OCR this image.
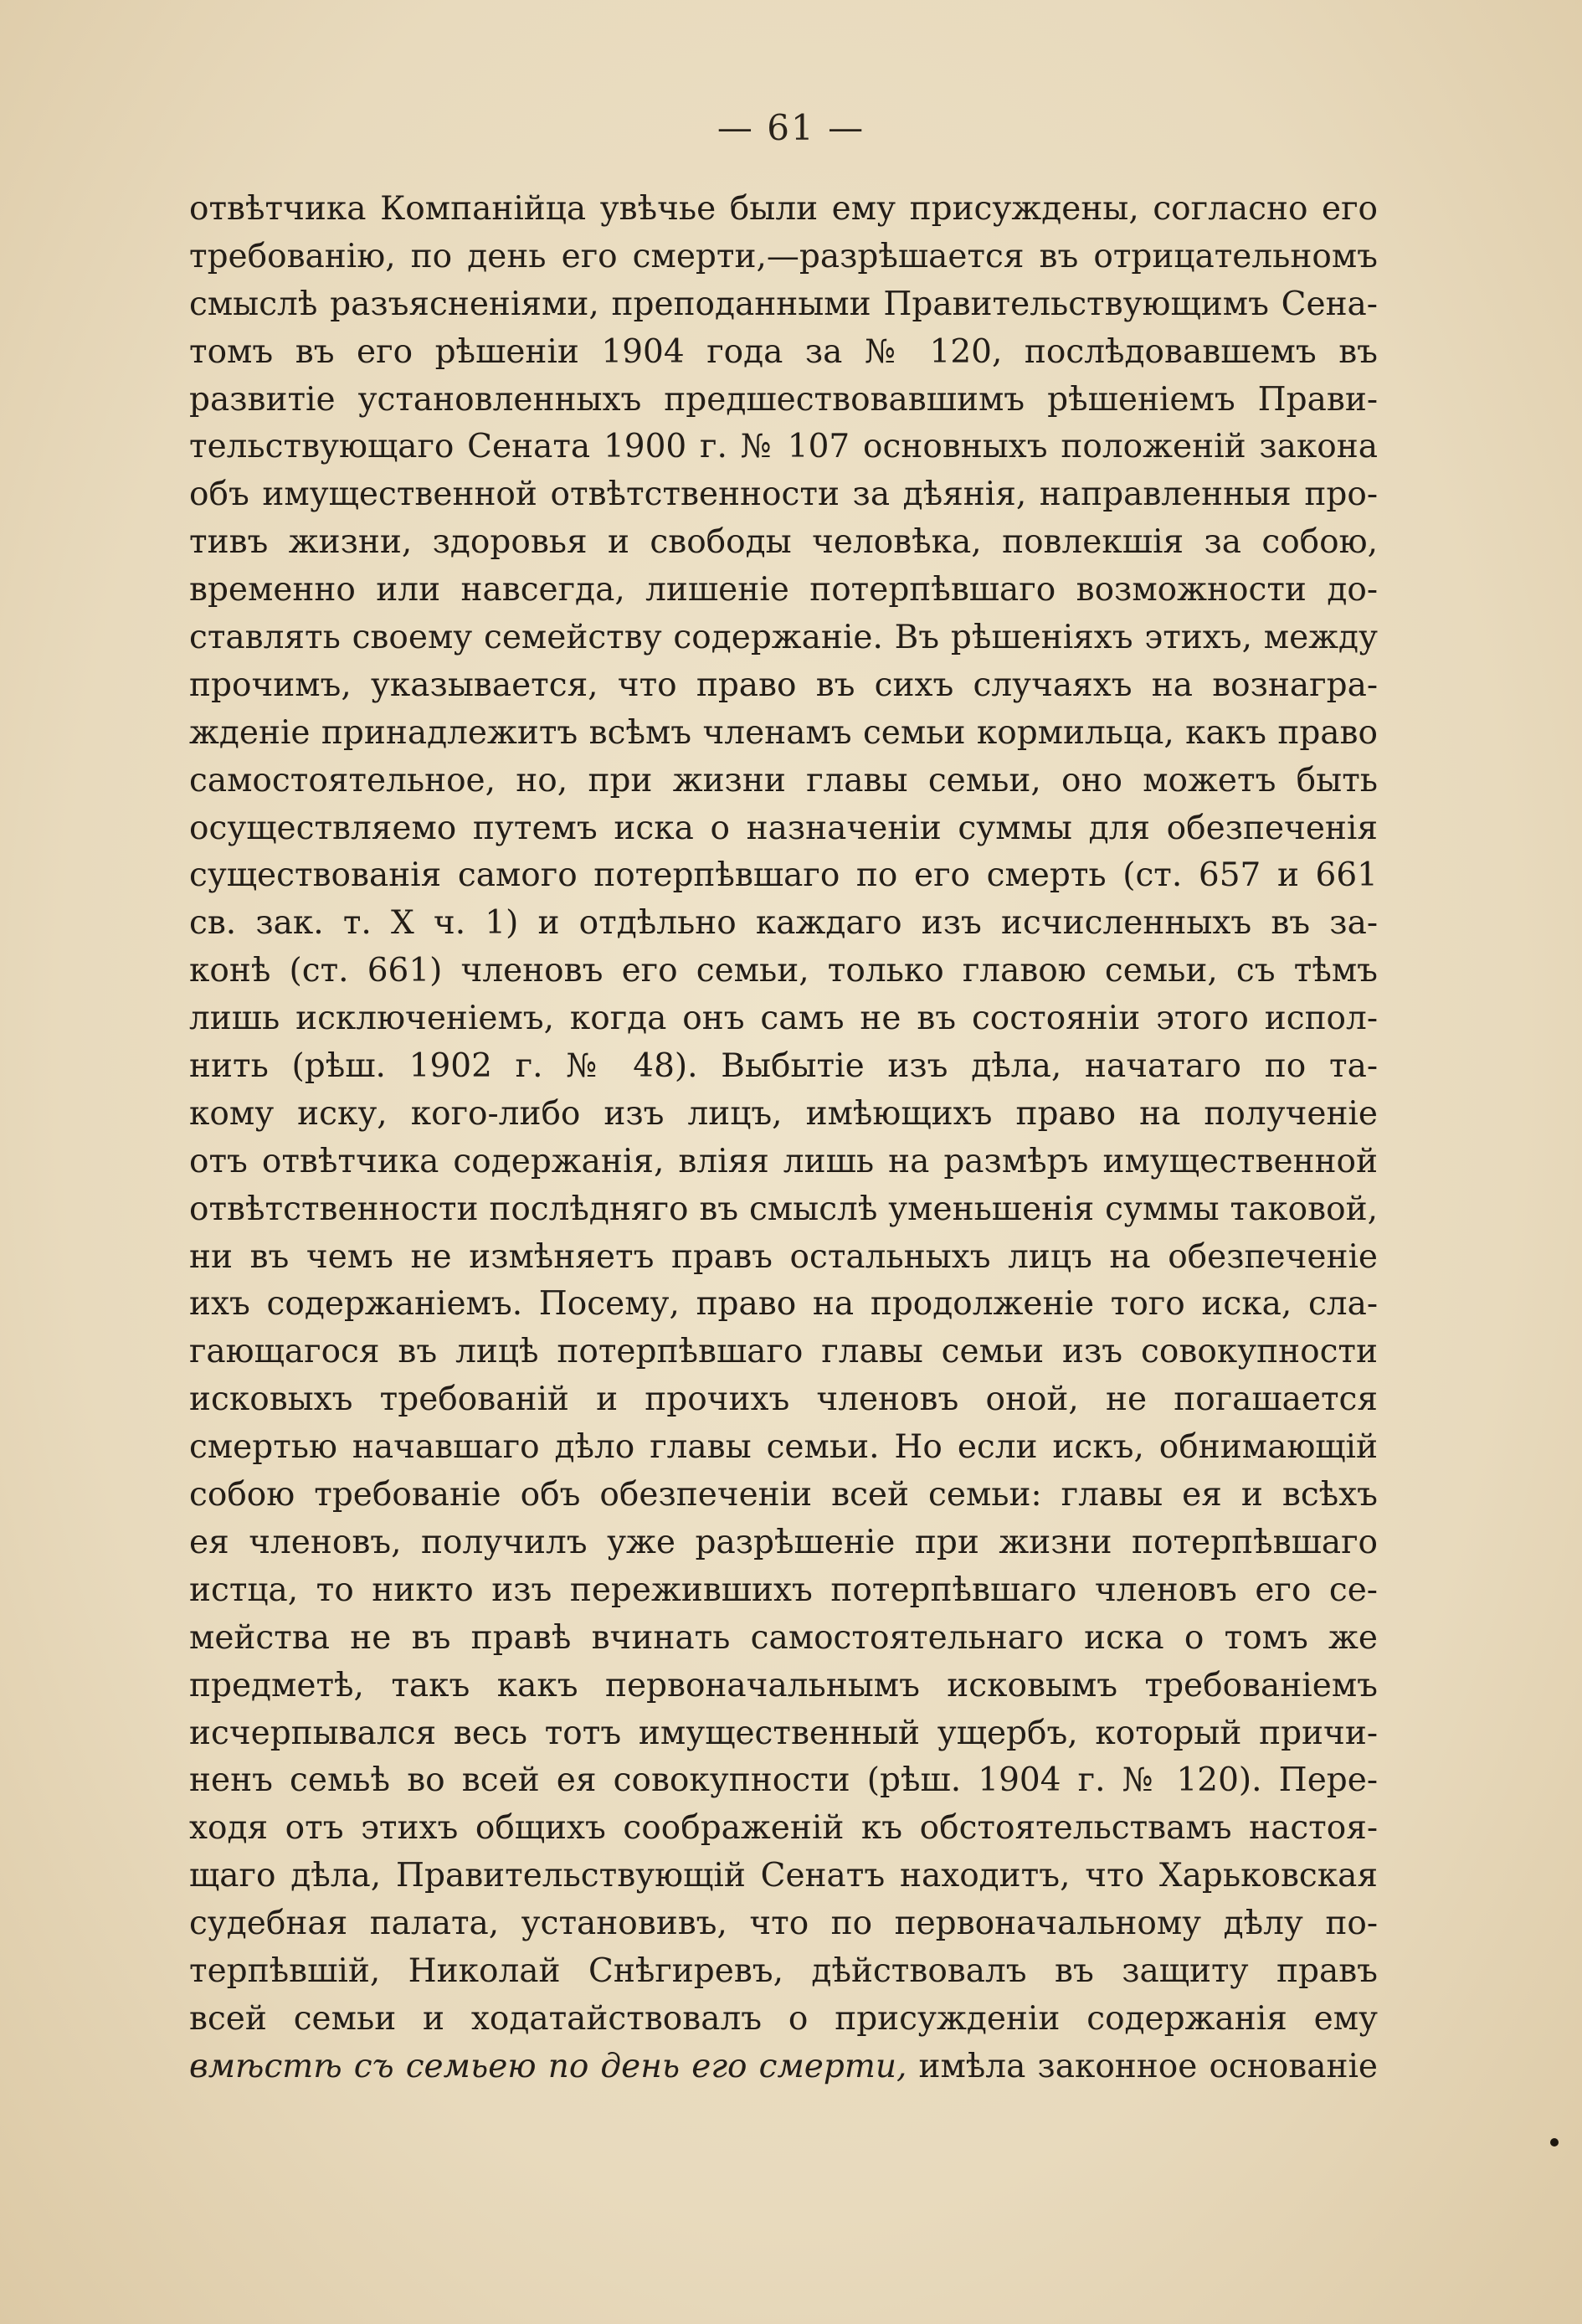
— 61 —
отвѣтчика Компанійца увѣчье были ему присуждены, согласно его
требованію, по день его смерти,—разрѣшается въ отрицательномъ
смыслѣ разъясненіями, преподанными Правительствующимъ Сена-
томъ въ его рѣшеніи 1904 года за № 120, послѣдовавшемъ въ
развитіе установленныхъ предшествовавшимъ рѣшеніемъ Прави-
тельствующаго Сената 1900 г. № 107 основныхъ положеній закона
объ имущественной отвѣтственности за дѣянія, направленныя про-
тивъ жизни, здоровья и свободы человѣка, повлекшія за собою,
временно или навсегда, лишеніе потерпѣвшаго возможности до-
ставлять своему семейству содержаніе. Въ рѣшеніяхъ этихъ, между
прочимъ, указывается, что право въ сихъ случаяхъ на вознагра-
жденіе принадлежитъ всѣмъ членамъ семьи кормильца, какъ право
самостоятельное, но, при жизни главы семьи, оно можетъ быть
осуществляемо путемъ иска о назначеніи суммы для обезпеченія
существованія самого потерпѣвшаго по его смерть (ст. 657 и 661
св. зак. т. X ч. 1) и отдѣльно каждаго изъ исчисленныхъ въ за-
конѣ (ст. 661) членовъ его семьи, только главою семьи, съ тѣмъ
лишь исключеніемъ, когда онъ самъ не въ состояніи этого испол-
нить (рѣш. 1902 г. № 48). Выбытіе изъ дѣла, начатаго по та-
кому иску, кого-либо изъ лицъ, имѣющихъ право на полученіе
отъ отвѣтчика содержанія, вліяя лишь на размѣръ имущественной
отвѣтственности послѣдняго въ смыслѣ уменьшенія суммы таковой,
ни въ чемъ не измѣняетъ правъ остальныхъ лицъ на обезпеченіе
ихъ содержаніемъ. Посему, право на продолженіе того иска, сла-
гающагося въ лицѣ потерпѣвшаго главы семьи изъ совокупности
исковыхъ требованій и прочихъ членовъ оной, не погашается
смертью начавшаго дѣло главы семьи. Но если искъ, обнимающій
собою требованіе объ обезпеченіи всей семьи: главы ея и всѣхъ
ея членовъ, получилъ уже разрѣшеніе при жизни потерпѣвшаго
истца, то никто изъ пережившихъ потерпѣвшаго членовъ его се-
мейства не въ правѣ вчинать самостоятельнаго иска о томъ же
предметѣ, такъ какъ первоначальнымъ исковымъ требованіемъ
исчерпывался весь тотъ имущественный ущербъ, который причи-
ненъ семьѣ во всей ея совокупности (рѣш. 1904 г. № 120). Пере-
ходя отъ этихъ общихъ соображеній къ обстоятельствамъ настоя-
щаго дѣла, Правительствующій Сенатъ находитъ, что Харьковская
судебная палата, установивъ, что по первоначальному дѣлу по-
терпѣвшій, Николай Снѣгиревъ, дѣйствовалъ въ защиту правъ
всей семьи и ходатайствовалъ о присужденіи содержанія ему
вмѣстѣ съ семьею по день его смерти, имѣла законное основаніе
